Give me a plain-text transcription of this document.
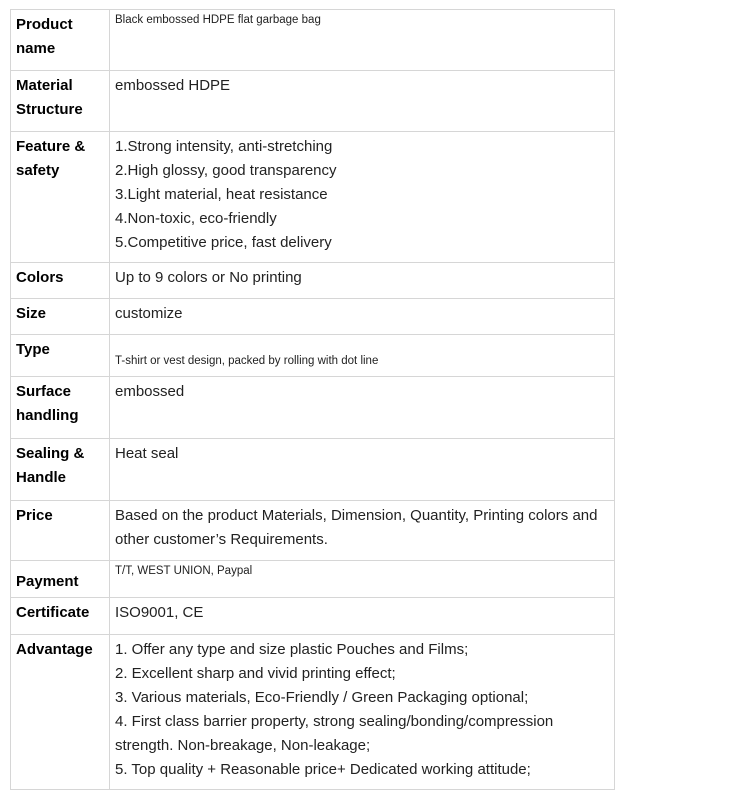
Product name	Black embossed HDPE flat garbage bag
Material Structure	embossed HDPE
Feature & safety	1.Strong intensity, anti-stretching
2.High glossy, good transparency
3.Light material, heat resistance
4.Non-toxic, eco-friendly
5.Competitive price, fast delivery

Colors	Up to 9 colors or No printing
Size	customize
Type	T-shirt or vest design, packed by rolling with dot line
Surface handling	embossed
Sealing & Handle	Heat seal
Price	Based on the product Materials, Dimension, Quantity, Printing colors and other customer’s Requirements.
Payment	T/T, WEST UNION, Paypal
Certificate	ISO9001, CE
Advantage	1. Offer any type and size plastic Pouches and Films;
2. Excellent sharp and vivid printing effect;
3. Various materials, Eco-Friendly / Green Packaging optional;
4. First class barrier property, strong sealing/bonding/compression strength. Non-breakage, Non-leakage;
5. Top quality + Reasonable price+ Dedicated working attitude;
